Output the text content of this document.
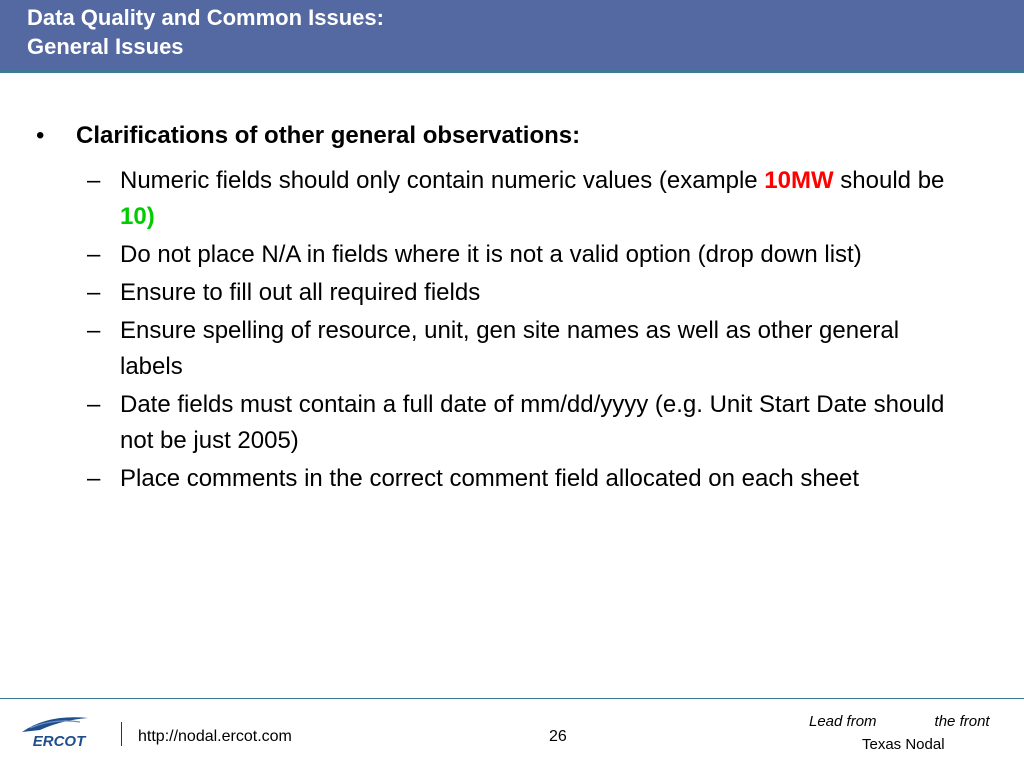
Data Quality and Common Issues:
General Issues
• Clarifications of other general observations:
– Numeric fields should only contain numeric values (example 10MW should be 10)
– Do not place N/A in fields where it is not a valid option (drop down list)
– Ensure to fill out all required fields
– Ensure spelling of resource, unit, gen site names as well as other general labels
– Date fields must contain a full date of mm/dd/yyyy (e.g. Unit Start Date should not be just 2005)
– Place comments in the correct comment field allocated on each sheet
ERCOT	http://nodal.ercot.com	26
Lead from	the front
Texas Nodal
